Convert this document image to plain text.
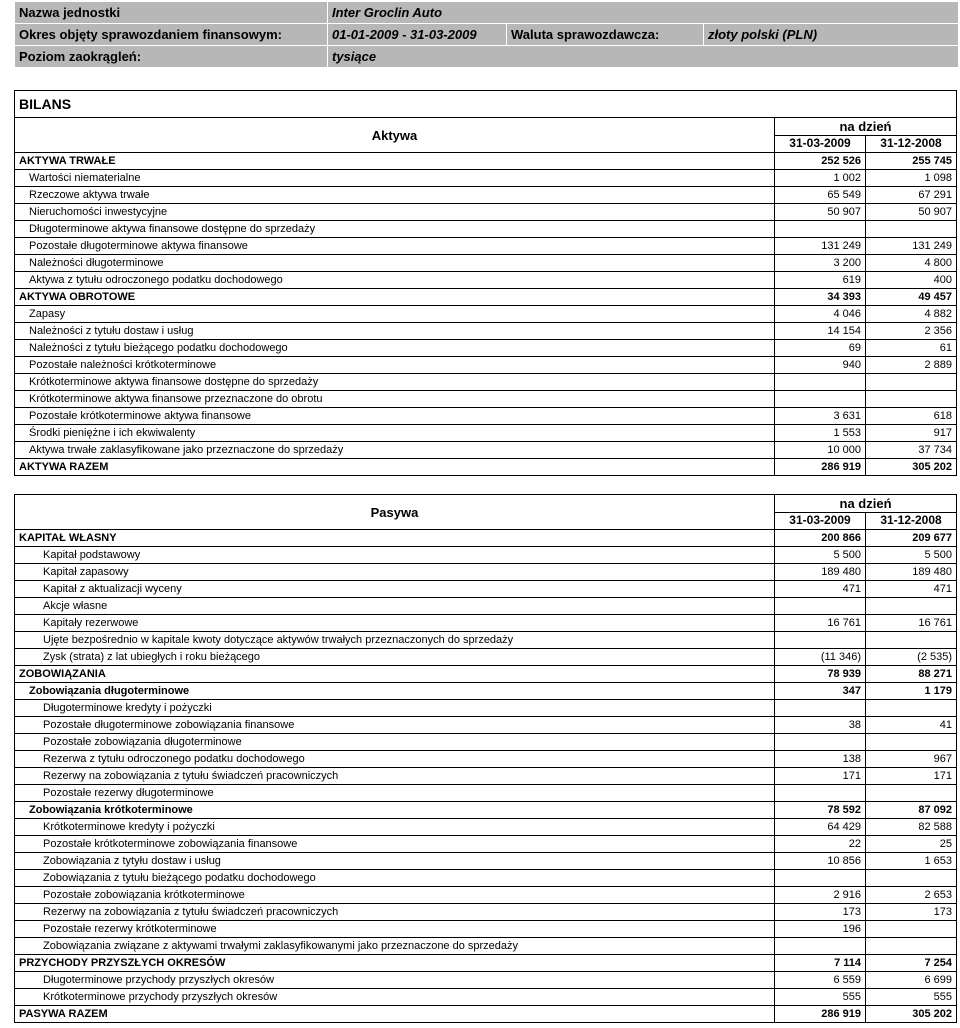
Nazwa jednostki	Inter Groclin Auto		
Okres objęty sprawozdaniem finansowym:	01-01-2009 - 31-03-2009	Waluta sprawozdawcza:	złoty polski (PLN)
Poziom zaokrągleń:	tysiące		
BILANS		
Aktywa	na dzień	
	31-03-2009	31-12-2008
AKTYWA TRWAŁE	252 526	255 745
Wartości niematerialne	1 002	1 098
Rzeczowe aktywa trwałe	65 549	67 291
Nieruchomości inwestycyjne	50 907	50 907
Długoterminowe aktywa finansowe dostępne do sprzedaży		
Pozostałe długoterminowe aktywa finansowe	131 249	131 249
Należności długoterminowe	3 200	4 800
Aktywa z tytułu odroczonego podatku dochodowego	619	400
AKTYWA OBROTOWE	34 393	49 457
Zapasy	4 046	4 882
Należności z tytułu dostaw i usług	14 154	2 356
Należności z tytułu bieżącego podatku dochodowego	69	61
Pozostałe należności krótkoterminowe	940	2 889
Krótkoterminowe aktywa finansowe dostępne do sprzedaży		
Krótkoterminowe aktywa finansowe przeznaczone do obrotu		
Pozostałe krótkoterminowe aktywa finansowe	3 631	618
Środki pieniężne i ich ekwiwalenty	1 553	917
Aktywa trwałe zaklasyfikowane jako przeznaczone do sprzedaży	10 000	37 734
AKTYWA RAZEM	286 919	305 202
Pasywa	na dzień	
	31-03-2009	31-12-2008
KAPITAŁ WŁASNY	200 866	209 677
Kapitał podstawowy	5 500	5 500
Kapitał zapasowy	189 480	189 480
Kapitał z aktualizacji wyceny	471	471
Akcje własne		
Kapitały rezerwowe	16 761	16 761
Ujęte bezpośrednio w kapitale kwoty dotyczące aktywów trwałych przeznaczonych do sprzedaży		
Zysk (strata) z lat ubiegłych i roku bieżącego	(11 346)	(2 535)
ZOBOWIĄZANIA	78 939	88 271
Zobowiązania długoterminowe	347	1 179
Długoterminowe kredyty i pożyczki		
Pozostałe długoterminowe zobowiązania finansowe	38	41
Pozostałe zobowiązania długoterminowe		
Rezerwa z tytułu odroczonego podatku dochodowego	138	967
Rezerwy na zobowiązania z tytułu świadczeń pracowniczych	171	171
Pozostałe rezerwy długoterminowe		
Zobowiązania krótkoterminowe	78 592	87 092
Krótkoterminowe kredyty i pożyczki	64 429	82 588
Pozostałe krótkoterminowe zobowiązania finansowe	22	25
Zobowiązania z tytyłu dostaw i usług	10 856	1 653
Zobowiązania z tytułu bieżącego podatku dochodowego		
Pozostałe zobowiązania krótkoterminowe	2 916	2 653
Rezerwy na zobowiązania z tytułu świadczeń pracowniczych	173	173
Pozostałe rezerwy krótkoterminowe	196	
Zobowiązania związane z aktywami trwałymi zaklasyfikowanymi jako przeznaczone do sprzedaży		
PRZYCHODY PRZYSZŁYCH OKRESÓW	7 114	7 254
Długoterminowe przychody przyszłych okresów	6 559	6 699
Krótkoterminowe przychody przyszłych okresów	555	555
PASYWA RAZEM	286 919	305 202
